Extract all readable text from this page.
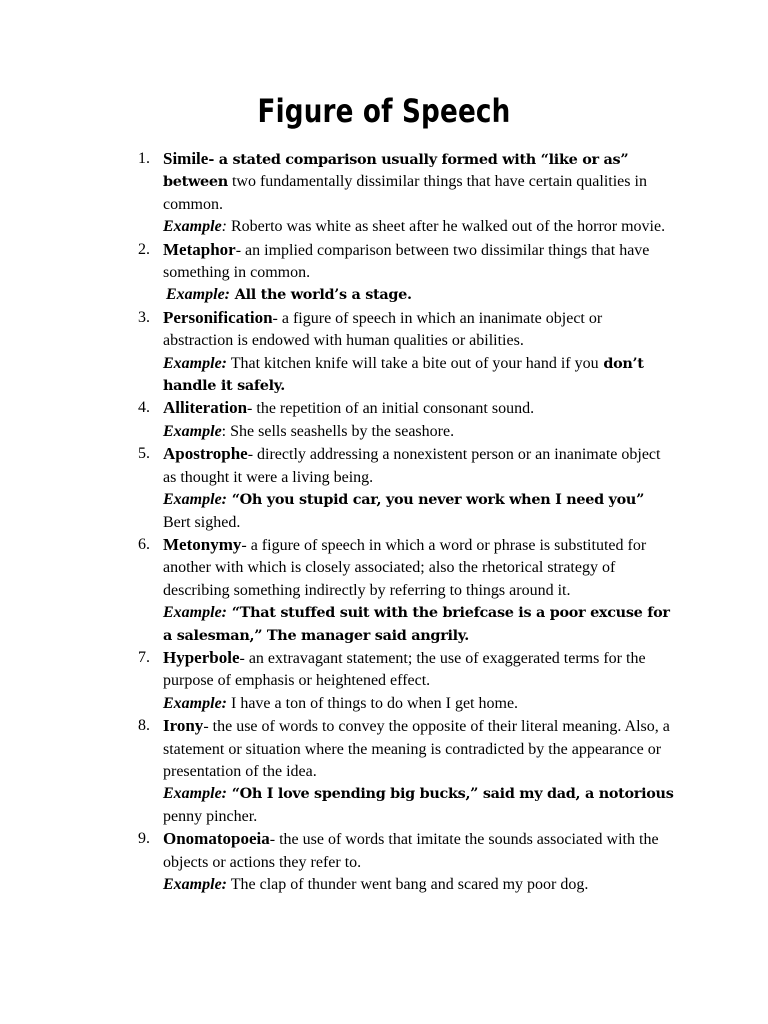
Figure of Speech
1. Simile- a stated comparison usually formed with “like or as” between two fundamentally dissimilar things that have certain qualities in common.
Example: Roberto was white as sheet after he walked out of the horror movie.
2. Metaphor- an implied comparison between two dissimilar things that have something in common.
Example: All the world’s a stage.
3. Personification- a figure of speech in which an inanimate object or abstraction is endowed with human qualities or abilities.
Example: That kitchen knife will take a bite out of your hand if you don’t handle it safely.
4. Alliteration- the repetition of an initial consonant sound.
Example: She sells seashells by the seashore.
5. Apostrophe- directly addressing a nonexistent person or an inanimate object as thought it were a living being.
Example: “Oh you stupid car, you never work when I need you” Bert sighed.
6. Metonymy- a figure of speech in which a word or phrase is substituted for another with which is closely associated; also the rhetorical strategy of describing something indirectly by referring to things around it.
Example: “That stuffed suit with the briefcase is a poor excuse for a salesman,” The manager said angrily.
7. Hyperbole- an extravagant statement; the use of exaggerated terms for the purpose of emphasis or heightened effect.
Example: I have a ton of things to do when I get home.
8. Irony- the use of words to convey the opposite of their literal meaning. Also, a statement or situation where the meaning is contradicted by the appearance or presentation of the idea.
Example: “Oh I love spending big bucks,” said my dad, a notorious penny pincher.
9. Onomatopoeia- the use of words that imitate the sounds associated with the objects or actions they refer to.
Example: The clap of thunder went bang and scared my poor dog.
